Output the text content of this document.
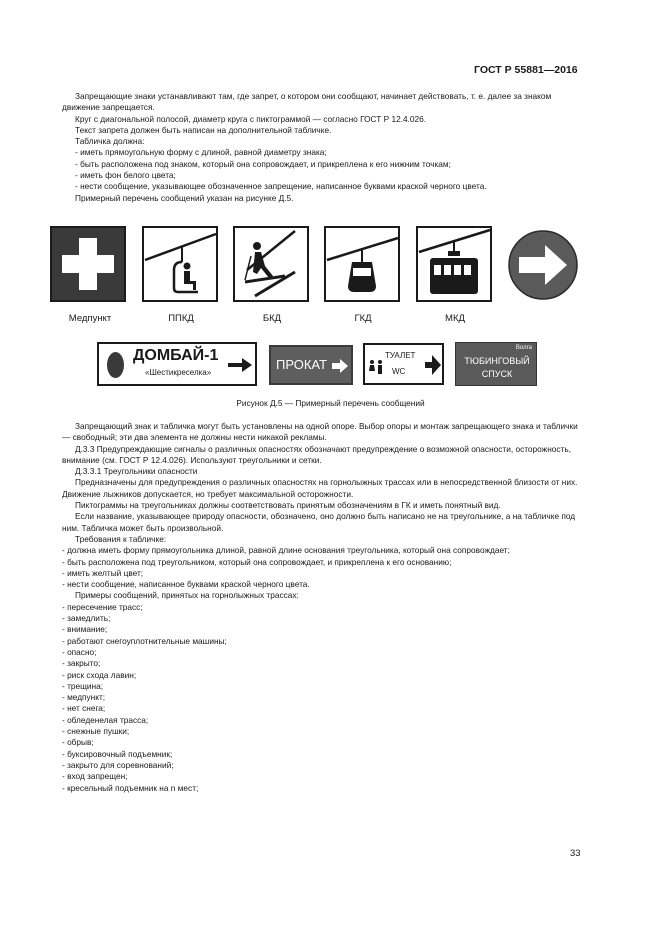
ГОСТ Р 55881—2016

Запрещающие знаки устанавливают там, где запрет, о котором они сообщают, начинает действовать, т. е. далее за знаком движение запрещается.

Круг с диагональной полосой, диаметр круга с пиктограммой — согласно ГОСТ Р 12.4.026.

Текст запрета должен быть написан на дополнительной табличке.

Табличка должна:

- иметь прямоугольную форму с длиной, равной диаметру знака;

- быть расположена под знаком, который она сопровождает, и прикреплена к его нижним точкам;

- иметь фон белого цвета;

- нести сообщение, указывающее обозначенное запрещение, написанное буквами краской черного цвета.

Примерный перечень сообщений указан на рисунке Д.5.

Медпункт	ППКД	БКД	ГКД	МКД
ДОМБАЙ-1
«Шестикреселка»
ПРОКАТ
ТУАЛЕТ
WC
Волга
ТЮБИНГОВЫЙ
СПУСК
Рисунок Д.5 — Примерный перечень сообщений

Запрещающий знак и табличка могут быть установлены на одной опоре. Выбор опоры и монтаж запрещающего знака и таблички — свободный; эти два элемента не должны нести никакой рекламы.

Д.3.3 Предупреждающие сигналы о различных опасностях обозначают предупреждение о возможной опасности, осторожность, внимание (см. ГОСТ Р 12.4.026). Используют треугольники и сетки.

Д.3.3.1 Треугольники опасности

Предназначены для предупреждения о различных опасностях на горнолыжных трассах или в непосредственной близости от них. Движение лыжников допускается, но требует максимальной осторожности.

Пиктограммы на треугольниках должны соответствовать принятым обозначениям в ГК и иметь понятный вид.

Если название, указывающее природу опасности, обозначено, оно должно быть написано не на треугольнике, а на табличке под ним. Табличка может быть произвольной.

Требования к табличке:

- должна иметь форму прямоугольника длиной, равной длине основания треугольника, который она сопровождает;

- быть расположена под треугольником, который она сопровождает, и прикреплена к его основанию;

- иметь желтый цвет;

- нести сообщение, написанное буквами краской черного цвета.

Примеры сообщений, принятых на горнолыжных трассах:

- пересечение трасс;

- замедлить;

- внимание;

- работают снегоуплотнительные машины;

- опасно;

- закрыто;

- риск схода лавин;

- трещина;

- медпункт;

- нет снега;

- обледенелая трасса;

- снежные пушки;

- обрыв;

- буксировочный подъемник;

- закрыто для соревнований;

- вход запрещен;

- кресельный подъемник на n мест;

33
